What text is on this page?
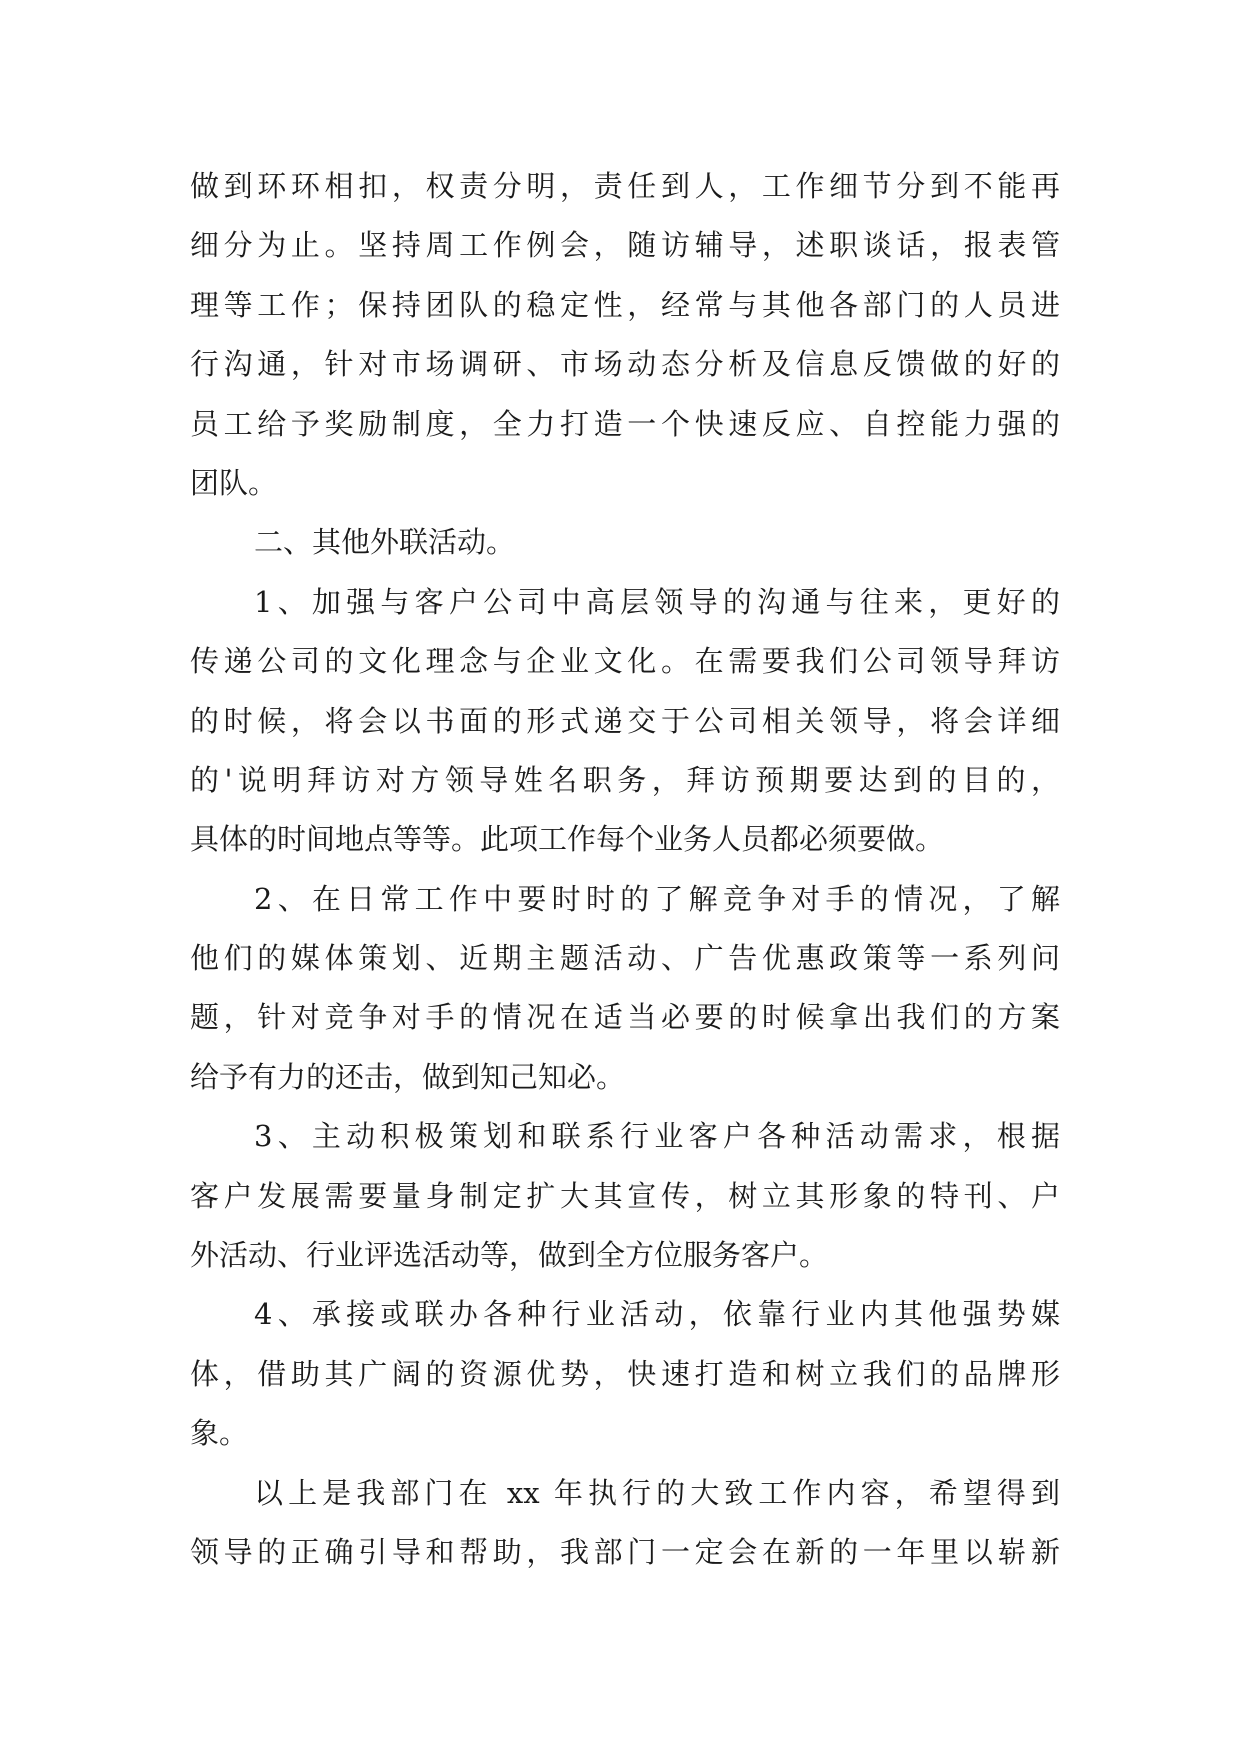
做到环环相扣，权责分明，责任到人，工作细节分到不能再
细分为止。坚持周工作例会，随访辅导，述职谈话，报表管
理等工作；保持团队的稳定性，经常与其他各部门的人员进
行沟通，针对市场调研、市场动态分析及信息反馈做的好的
员工给予奖励制度，全力打造一个快速反应、自控能力强的
团队。
二、其他外联活动。
1、加强与客户公司中高层领导的沟通与往来，更好的
传递公司的文化理念与企业文化。在需要我们公司领导拜访
的时候，将会以书面的形式递交于公司相关领导，将会详细
的'说明拜访对方领导姓名职务，拜访预期要达到的目的，
具体的时间地点等等。此项工作每个业务人员都必须要做。
2、在日常工作中要时时的了解竞争对手的情况，了解
他们的媒体策划、近期主题活动、广告优惠政策等一系列问
题，针对竞争对手的情况在适当必要的时候拿出我们的方案
给予有力的还击，做到知己知必。
3、主动积极策划和联系行业客户各种活动需求，根据
客户发展需要量身制定扩大其宣传，树立其形象的特刊、户
外活动、行业评选活动等，做到全方位服务客户。
4、承接或联办各种行业活动，依靠行业内其他强势媒
体，借助其广阔的资源优势，快速打造和树立我们的品牌形
象。
以上是我部门在 xx 年执行的大致工作内容，希望得到
领导的正确引导和帮助，我部门一定会在新的一年里以崭新
